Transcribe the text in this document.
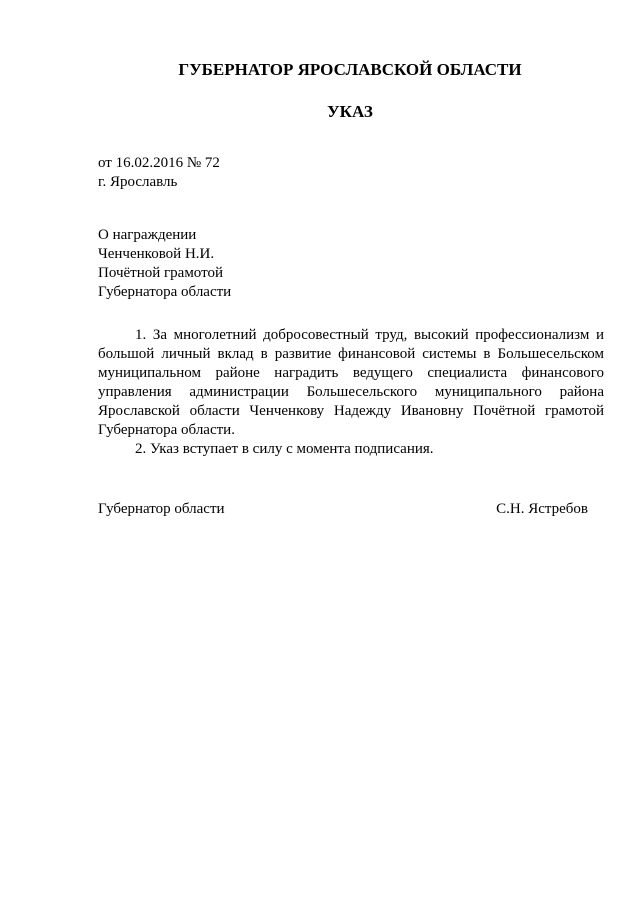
ГУБЕРНАТОР ЯРОСЛАВСКОЙ ОБЛАСТИ
УКАЗ
от 16.02.2016 № 72
г. Ярославль
О награждении
Ченченковой Н.И.
Почётной грамотой
Губернатора области

1. За многолетний добросовестный труд, высокий профессионализм и большой личный вклад в развитие финансовой системы в Большесельском муниципальном районе наградить ведущего специалиста финансового управления администрации Большесельского муниципального района Ярославской области Ченченкову Надежду Ивановну Почётной грамотой Губернатора области.

2. Указ вступает в силу с момента подписания.

Губернатор области	С.Н. Ястребов
